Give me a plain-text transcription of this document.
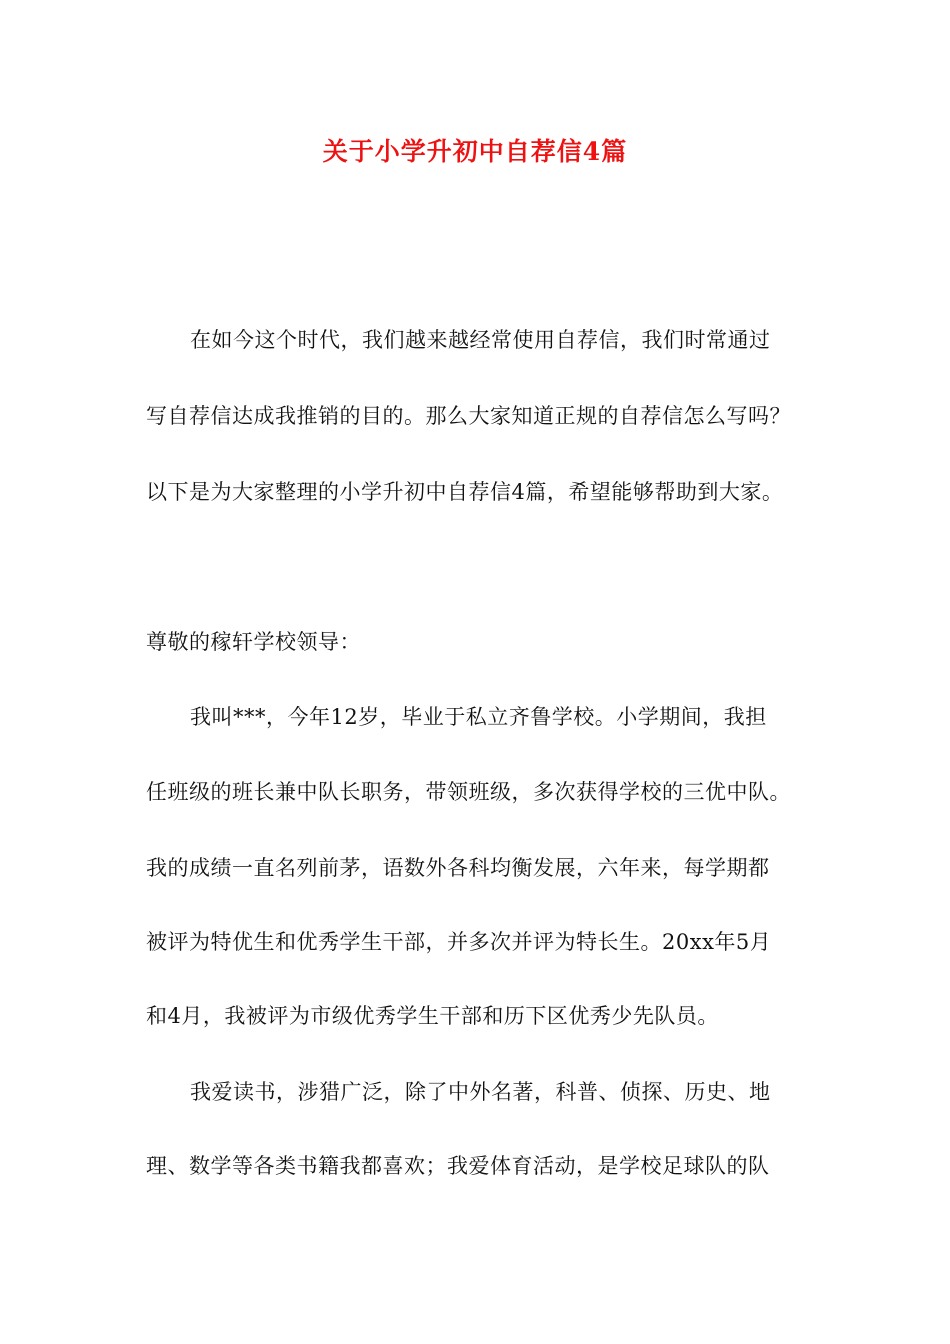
关于小学升初中自荐信4篇
在如今这个时代，我们越来越经常使用自荐信，我们时常通过
写自荐信达成我推销的目的。那么大家知道正规的自荐信怎么写吗？
以下是为大家整理的小学升初中自荐信4篇，希望能够帮助到大家。
尊敬的稼轩学校领导：
我叫***，今年12岁，毕业于私立齐鲁学校。小学期间，我担
任班级的班长兼中队长职务，带领班级，多次获得学校的三优中队。
我的成绩一直名列前茅，语数外各科均衡发展，六年来，每学期都
被评为特优生和优秀学生干部，并多次并评为特长生。20xx年5月
和4月，我被评为市级优秀学生干部和历下区优秀少先队员。
我爱读书，涉猎广泛，除了中外名著，科普、侦探、历史、地
理、数学等各类书籍我都喜欢；我爱体育活动，是学校足球队的队
